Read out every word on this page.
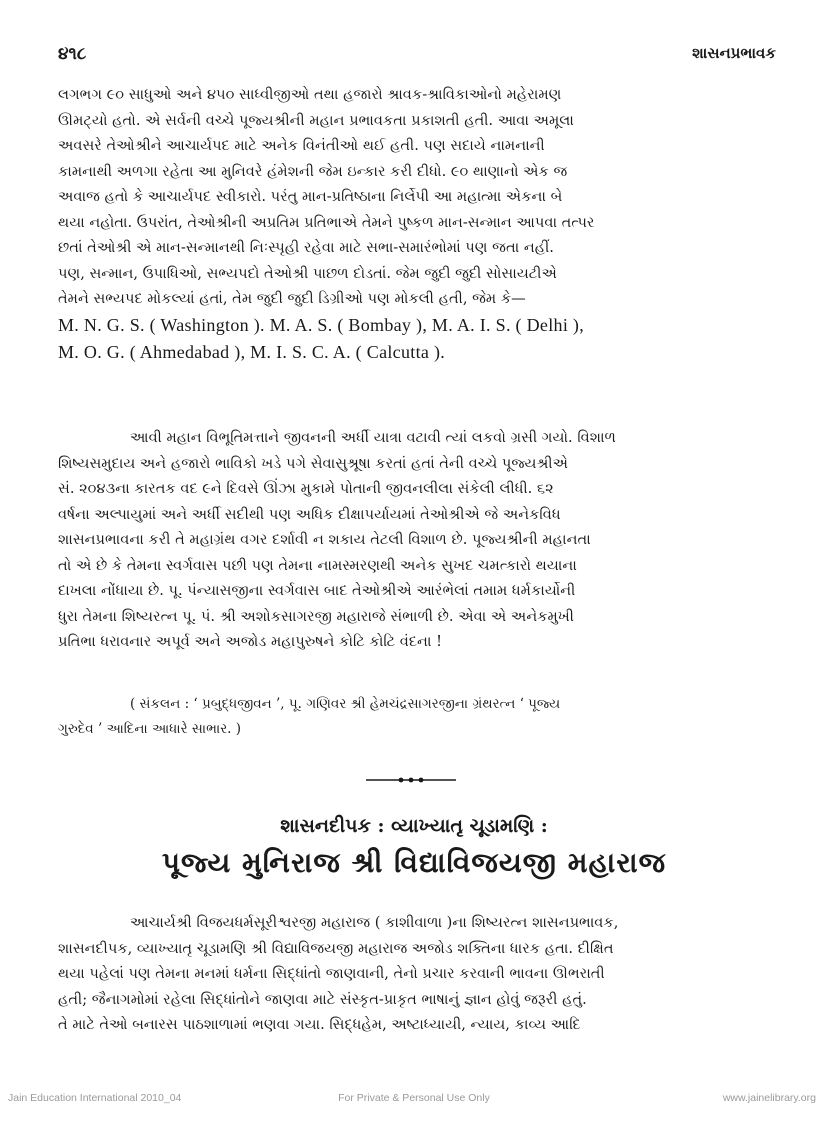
૪૧૮	શાસનપ્રભાવક

લગભગ ૯૦ સાધુઓ અને ૪૫૦ સાધ્વીજીઓ તથા હજારો શ્રાવક-શ્રાવિકાઓનો મહેરામણ

ઊમટ્યો હતો. એ સર્વની વચ્ચે પૂજ્યશ્રીની મહાન પ્રભાવકતા પ્રકાશતી હતી. આવા અમૂલા

અવસરે તેઓશ્રીને આચાર્યપદ માટે અનેક વિનંતીઓ થઈ હતી. પણ સદાયે નામનાની

કામનાથી અળગા રહેતા આ મુનિવરે હંમેશની જેમ ઇન્કાર કરી દીધો. ૯૦ થાણાનો એક જ

અવાજ હતો કે આચાર્યપદ સ્વીકારો. પરંતુ માન-પ્રતિષ્ઠાના નિર્લેપી આ મહાત્મા એકના બે

થયા નહોતા. ઉપરાંત, તેઓશ્રીની અપ્રતિમ પ્રતિભાએ તેમને પુષ્કળ માન-સન્માન આપવા તત્પર

છતાં તેઓશ્રી એ માન-સન્માનથી નિઃસ્પૃહી રહેવા માટે સભા-સમારંભોમાં પણ જતા નહીં.

પણ, સન્માન, ઉપાધિઓ, સભ્યપદો તેઓશ્રી પાછળ દોડતાં. જેમ જુદી જુદી સોસાયટીએ

તેમને સભ્યપદ મોકલ્યાં હતાં, તેમ જુદી જુદી ડિગ્રીઓ પણ મોકલી હતી, જેમ કે—

M. N. G. S. ( Washington ). M. A. S. ( Bombay ), M. A. I. S. ( Delhi ),

M. O. G. ( Ahmedabad ), M. I. S. C. A. ( Calcutta ).

આવી મહાન વિભૂતિમત્તાને જીવનની અર્ધી યાત્રા વટાવી ત્યાં લકવો ગ્રસી ગયો. વિશાળ

શિષ્યસમુદાય અને હજારો ભાવિકો ખડે પગે સેવાસુશ્રૂષા કરતાં હતાં તેની વચ્ચે પૂજ્યશ્રીએ

સં. ૨૦૪૩ના કારતક વદ ૯ને દિવસે ઊંઝા મુકામે પોતાની જીવનલીલા સંકેલી લીધી. ૬૨

વર્ષના અલ્પાયુમાં અને અર્ધી સદીથી પણ અધિક દીક્ષાપર્યાયમાં તેઓશ્રીએ જે અનેકવિધ

શાસનપ્રભાવના કરી તે મહાગ્રંથ વગર દર્શાવી ન શકાય તેટલી વિશાળ છે. પૂજ્યશ્રીની મહાનતા

તો એ છે કે તેમના સ્વર્ગવાસ પછી પણ તેમના નામસ્મરણથી અનેક સુખદ ચમત્કારો થયાના

દાખલા નોંધાયા છે. પૂ. પંન્યાસજીના સ્વર્ગવાસ બાદ તેઓશ્રીએ આરંભેલાં તમામ ધર્મકાર્યોની

ધુરા તેમના શિષ્યરત્ન પૂ. પં. શ્રી અશોકસાગરજી મહારાજે સંભાળી છે. એવા એ અનેકમુખી

પ્રતિભા ધરાવનાર અપૂર્વ અને અજોડ મહાપુરુષને કોટિ કોટિ વંદના !

( સંકલન : ‘ પ્રબુદ્ધજીવન ’, પૂ. ગણિવર શ્રી હેમચંદ્રસાગરજીના ગ્રંથરત્ન ‘ પૂજ્ય

ગુરુદેવ ’ આદિના આધારે સાભાર. )

શાસનદીપક : વ્યાખ્યાતૃ ચૂડામણિ :
પૂજ્ય મુનિરાજ શ્રી વિદ્યાવિજયજી મહારાજ

આચાર્યશ્રી વિજયધર્મસૂરીશ્વરજી મહારાજ ( કાશીવાળા )ના શિષ્યરત્ન શાસનપ્રભાવક,

શાસનદીપક, વ્યાખ્યાતૃ ચૂડામણિ શ્રી વિદ્યાવિજયજી મહારાજ અજોડ શક્તિના ધારક હતા. દીક્ષિત

થયા પહેલાં પણ તેમના મનમાં ધર્મના સિદ્ધાંતો જાણવાની, તેનો પ્રચાર કરવાની ભાવના ઊભરાતી

હતી; જૈનાગમોમાં રહેલા સિદ્ધાંતોને જાણવા માટે સંસ્કૃત-પ્રાકૃત ભાષાનું જ્ઞાન હોવું જરૂરી હતું.

તે માટે તેઓ બનારસ પાઠશાળામાં ભણવા ગયા. સિદ્ધહેમ, અષ્ટાધ્યાયી, ન્યાય, કાવ્ય આદિ

Jain Education International 2010_04	For Private & Personal Use Only	www.jainelibrary.org
